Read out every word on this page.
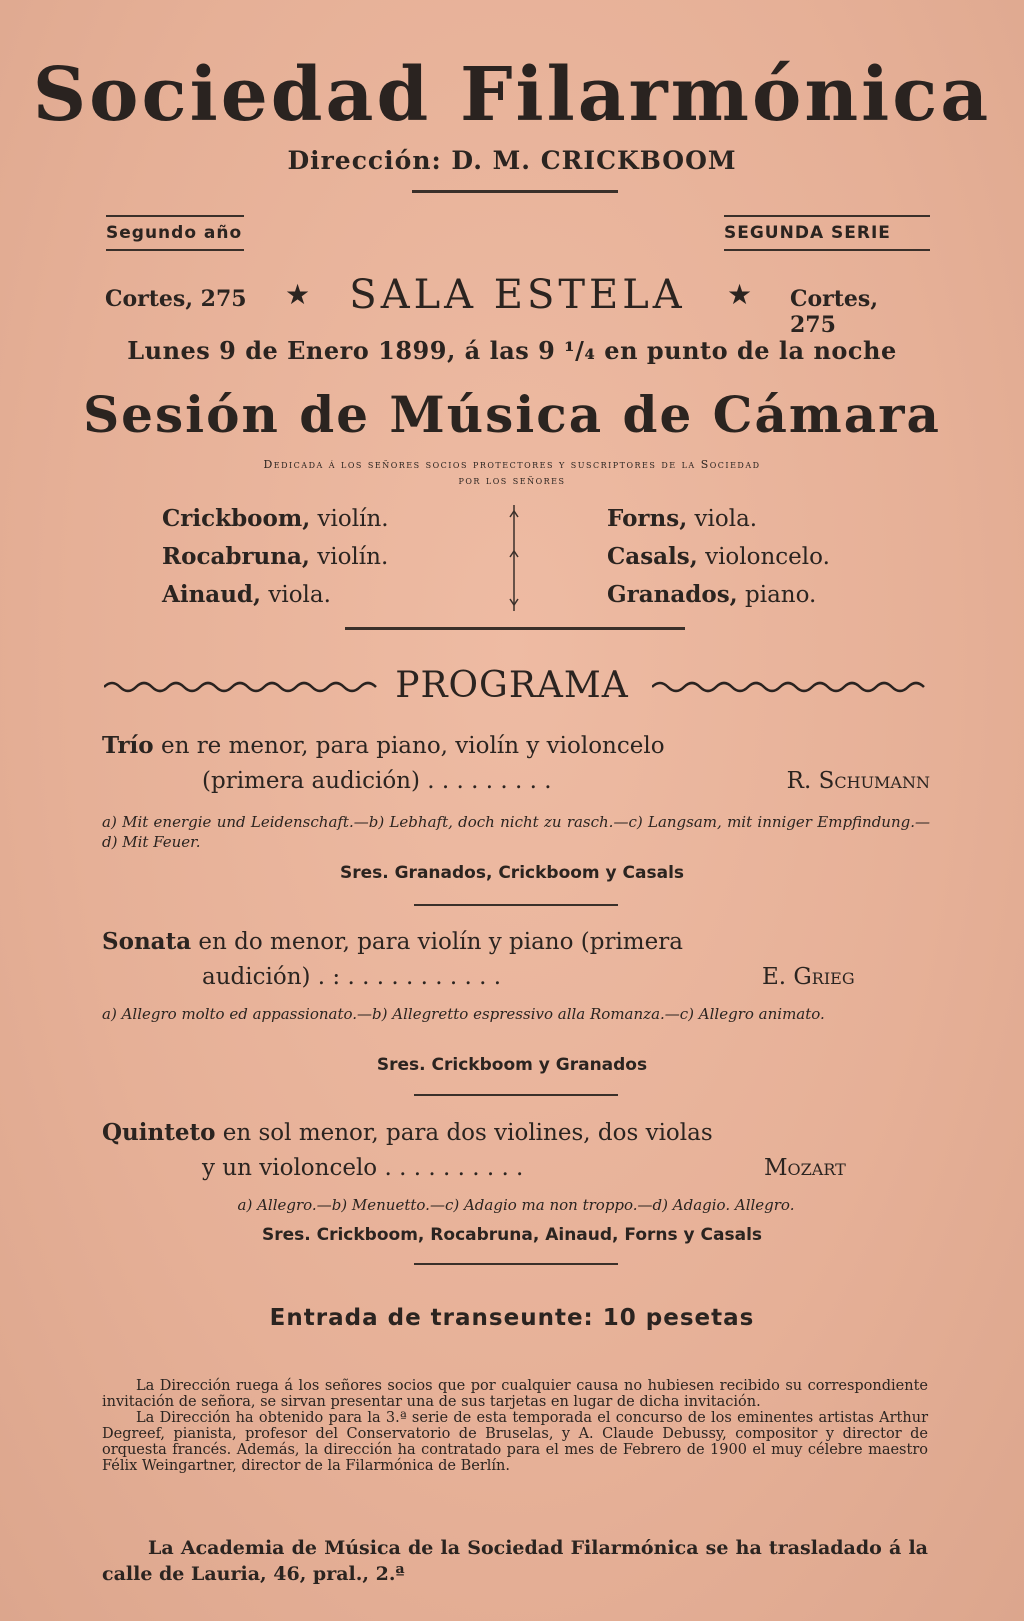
Sociedad Filarmónica
Dirección: D. M. CRICKBOOM
Segundo año	SEGUNDA SERIE
Cortes, 275 ★ SALA ESTELA	★ Cortes, 275
Lunes 9 de Enero 1899, á las 9 ¹/₄ en punto de la noche
Sesión de Música de Cámara
Dedicada á los señores socios protectores y suscriptores de la Sociedad
por los señores
Crickboom, violín.
Rocabruna, violín.
Ainaud, viola.
Forns, viola.
Casals, violoncelo.
Granados, piano.
PROGRAMA
Trío en re menor, para piano, violín y violoncelo
(primera audición) . . . . . . . . .	R. Schumann
a) Mit energie und Leidenschaft.—b) Lebhaft, doch nicht zu rasch.—c) Langsam, mit inniger Empfindung.—d) Mit Feuer.
Sres. Granados, Crickboom y Casals
Sonata en do menor, para violín y piano (primera
audición) . : . . . . . . . . . . .	E. Grieg
a) Allegro molto ed appassionato.—b) Allegretto espressivo alla Romanza.—c) Allegro animato.
Sres. Crickboom y Granados
Quinteto en sol menor, para dos violines, dos violas
y un violoncelo . . . . . . . . . .	Mozart
a) Allegro.—b) Menuetto.—c) Adagio ma non troppo.—d) Adagio. Allegro.
Sres. Crickboom, Rocabruna, Ainaud, Forns y Casals
Entrada de transeunte: 10 pesetas

La Dirección ruega á los señores socios que por cualquier causa no hubiesen recibido su correspondiente invitación de señora, se sirvan presentar una de sus tarjetas en lugar de dicha invitación.

La Dirección ha obtenido para la 3.ª serie de esta temporada el concurso de los eminentes artistas Arthur Degreef, pianista, profesor del Conservatorio de Bruselas, y A. Claude Debussy, compositor y director de orquesta francés. Además, la dirección ha contratado para el mes de Febrero de 1900 el muy célebre maestro Félix Weingartner, director de la Filarmónica de Berlín.

La Academia de Música de la Sociedad Filarmónica se ha trasladado á la calle de Lauria, 46, pral., 2.ª
